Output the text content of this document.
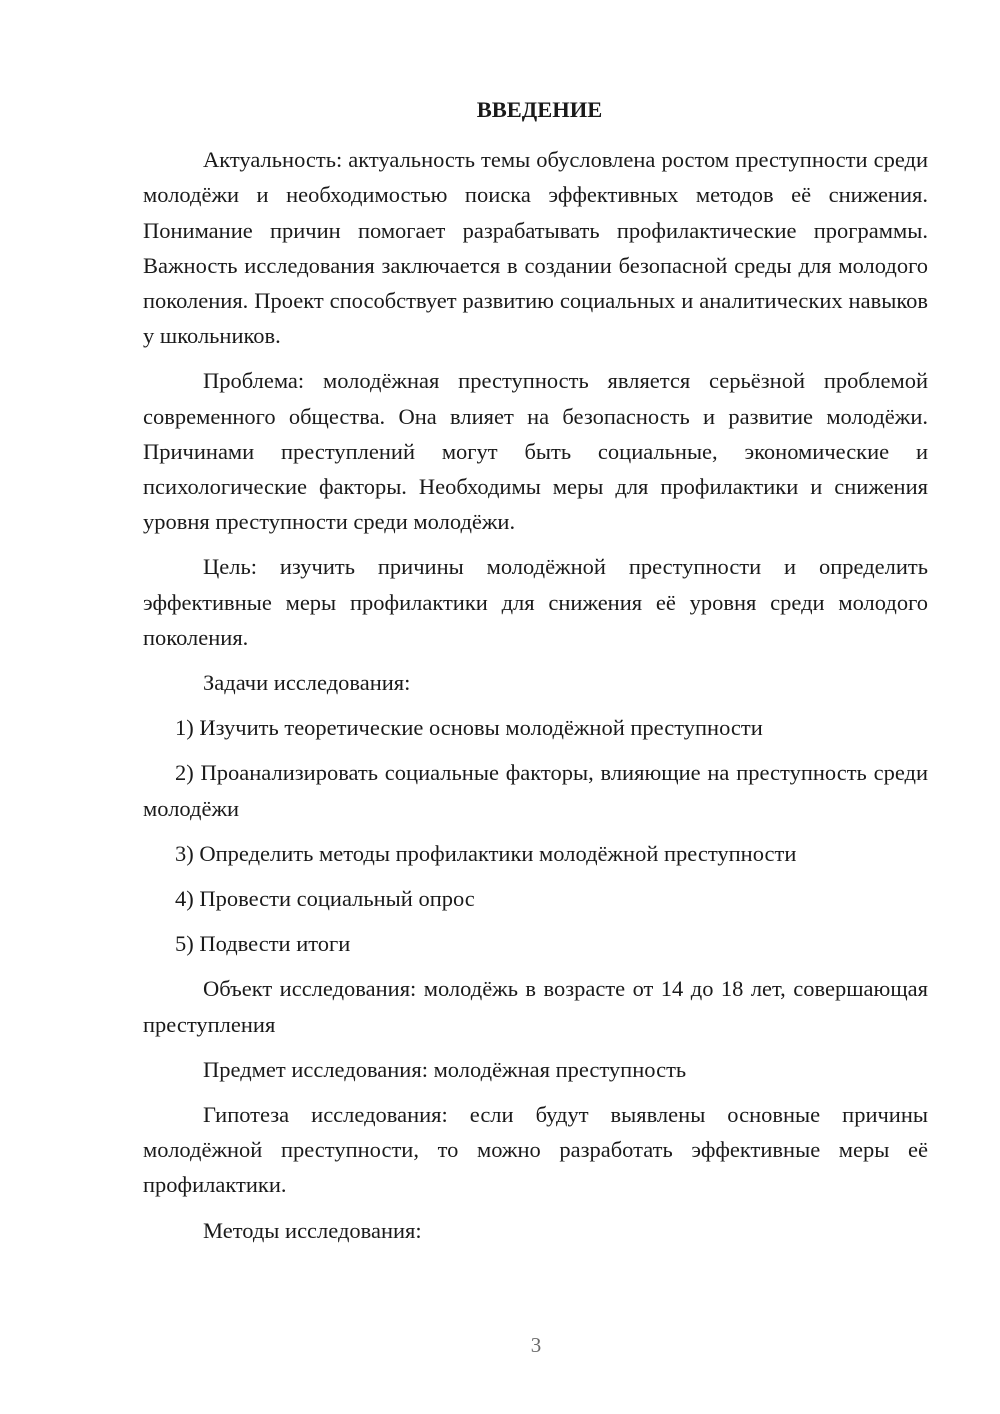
ВВЕДЕНИЕ

Актуальность: актуальность темы обусловлена ростом преступности среди молодёжи и необходимостью поиска эффективных методов её снижения. Понимание причин помогает разрабатывать профилактические программы. Важность исследования заключается в создании безопасной среды для молодого поколения. Проект способствует развитию социальных и аналитических навыков у школьников.

Проблема: молодёжная преступность является серьёзной проблемой современного общества. Она влияет на безопасность и развитие молодёжи. Причинами преступлений могут быть социальные, экономические и психологические факторы. Необходимы меры для профилактики и снижения уровня преступности среди молодёжи.

Цель: изучить причины молодёжной преступности и определить эффективные меры профилактики для снижения её уровня среди молодого поколения.

Задачи исследования:

1) Изучить теоретические основы молодёжной преступности

2) Проанализировать социальные факторы, влияющие на преступность среди молодёжи

3) Определить методы профилактики молодёжной преступности

4) Провести социальный опрос

5) Подвести итоги

Объект исследования: молодёжь в возрасте от 14 до 18 лет, совершающая преступления

Предмет исследования: молодёжная преступность

Гипотеза исследования: если будут выявлены основные причины молодёжной преступности, то можно разработать эффективные меры её профилактики.

Методы исследования:

3
